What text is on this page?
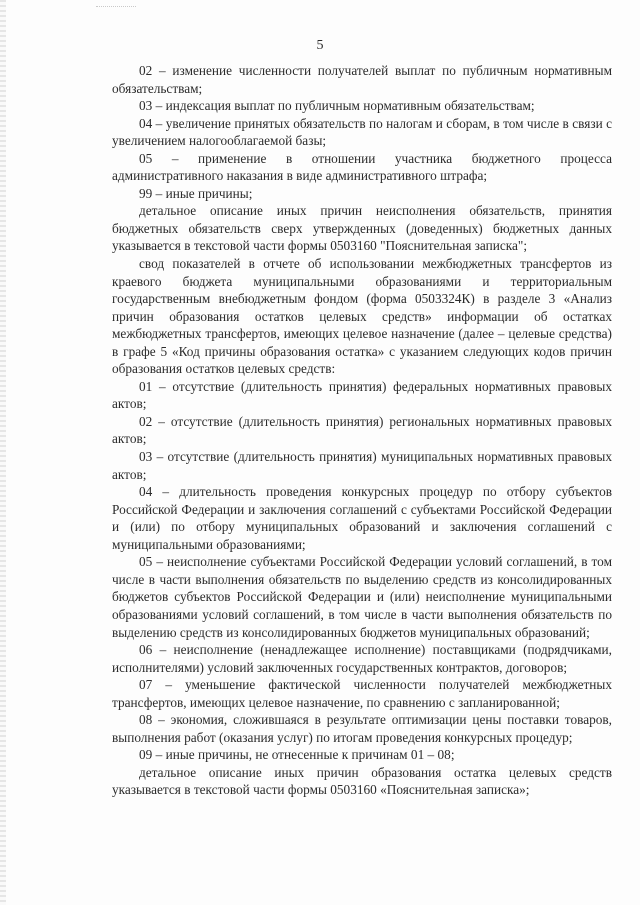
5

02 – изменение численности получателей выплат по публичным нормативным обязательствам;

03 – индексация выплат по публичным нормативным обязательствам;

04 – увеличение принятых обязательств по налогам и сборам, в том числе в связи с увеличением налогооблагаемой базы;

05 – применение в отношении участника бюджетного процесса административного наказания в виде административного штрафа;

99 – иные причины;

детальное описание иных причин неисполнения обязательств, принятия бюджетных обязательств сверх утвержденных (доведенных) бюджетных данных указывается в текстовой части формы 0503160 "Пояснительная записка";

свод показателей в отчете об использовании межбюджетных трансфертов из краевого бюджета муниципальными образованиями и территориальным государственным внебюджетным фондом (форма 0503324К) в разделе 3 «Анализ причин образования остатков целевых средств» информации об остатках межбюджетных трансфертов, имеющих целевое назначение (далее – целевые средства) в графе 5 «Код причины образования остатка» с указанием следующих кодов причин образования остатков целевых средств:

01 – отсутствие (длительность принятия) федеральных нормативных правовых актов;

02 – отсутствие (длительность принятия) региональных нормативных правовых актов;

03 – отсутствие (длительность принятия) муниципальных нормативных правовых актов;

04 – длительность проведения конкурсных процедур по отбору субъектов Российской Федерации и заключения соглашений с субъектами Российской Федерации и (или) по отбору муниципальных образований и заключения соглашений с муниципальными образованиями;

05 – неисполнение субъектами Российской Федерации условий соглашений, в том числе в части выполнения обязательств по выделению средств из консолидированных бюджетов субъектов Российской Федерации и (или) неисполнение муниципальными образованиями условий соглашений, в том числе в части выполнения обязательств по выделению средств из консолидированных бюджетов муниципальных образований;

06 – неисполнение (ненадлежащее исполнение) поставщиками (подрядчиками, исполнителями) условий заключенных государственных контрактов, договоров;

07 – уменьшение фактической численности получателей межбюджетных трансфертов, имеющих целевое назначение, по сравнению с запланированной;

08 – экономия, сложившаяся в результате оптимизации цены поставки товаров, выполнения работ (оказания услуг) по итогам проведения конкурсных процедур;

09 – иные причины, не отнесенные к причинам 01 – 08;

детальное описание иных причин образования остатка целевых средств указывается в текстовой части формы 0503160 «Пояснительная записка»;
